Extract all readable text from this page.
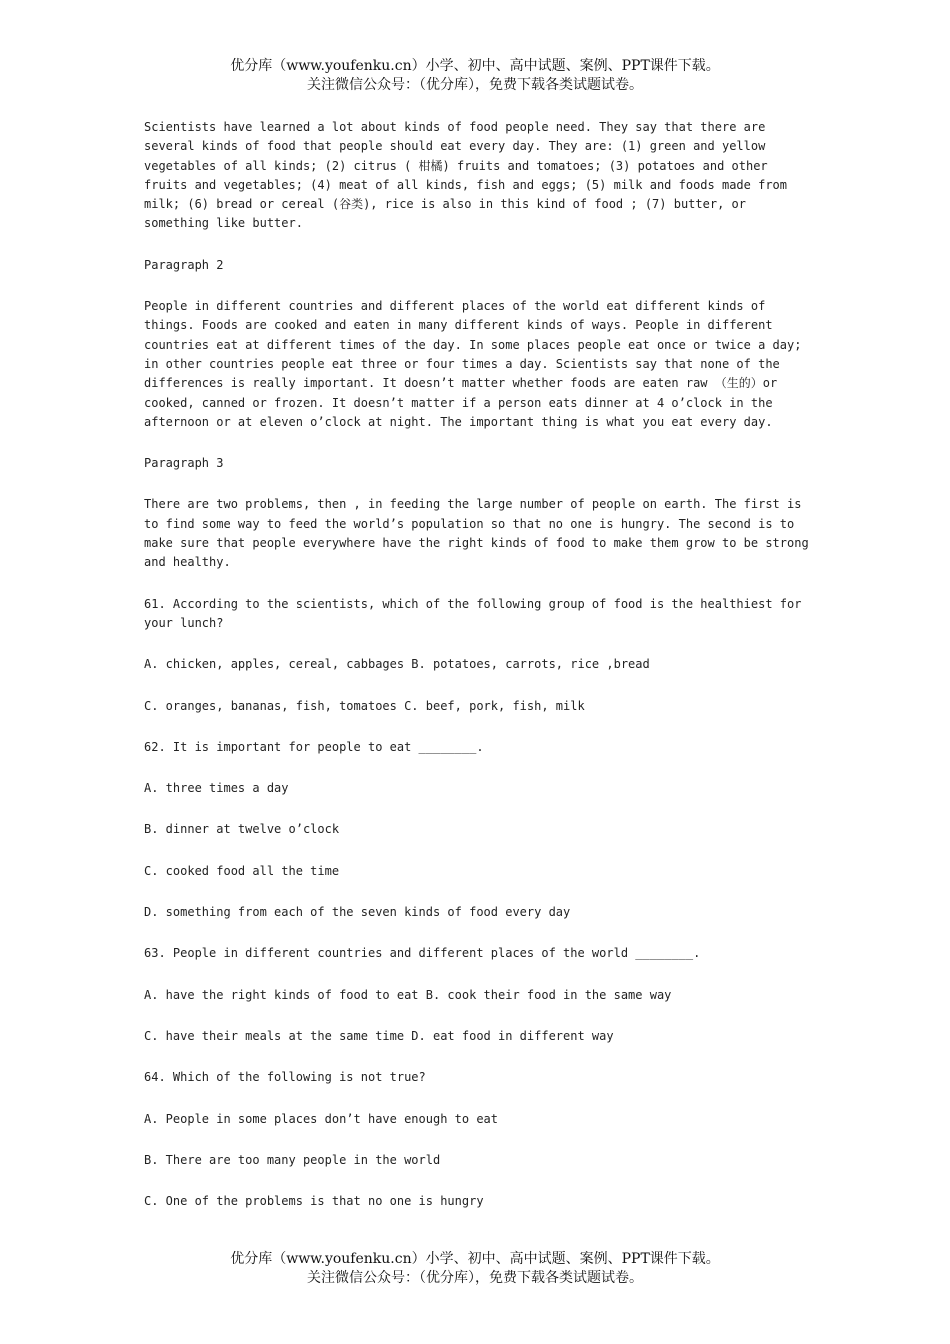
优分库（www.youfenku.cn）小学、初中、高中试题、案例、PPT课件下载。
关注微信公众号：（优分库），免费下载各类试题试卷。

Scientists have learned a lot about kinds of food people need. They say that there are
several kinds of food that people should eat every day. They are: (1) green and yellow
vegetables of all kinds; (2) citrus ( 柑橘) fruits and tomatoes; (3) potatoes and other
fruits and vegetables; (4) meat of all kinds, fish and eggs; (5) milk and foods made from
milk; (6) bread or cereal (谷类), rice is also in this kind of food ; (7) butter, or
something like butter.

Paragraph 2

People in different countries and different places of the world eat different kinds of
things. Foods are cooked and eaten in many different kinds of ways. People in different
countries eat at different times of the day. In some places people eat once or twice a day;
in other countries people eat three or four times a day. Scientists say that none of the
differences is really important. It doesn’t matter whether foods are eaten raw （生的）or
cooked, canned or frozen. It doesn’t matter if a person eats dinner at 4 o’clock in the
afternoon or at eleven o’clock at night. The important thing is what you eat every day.

Paragraph 3

There are two problems, then , in feeding the large number of people on earth. The first is
to find some way to feed the world’s population so that no one is hungry. The second is to
make sure that people everywhere have the right kinds of food to make them grow to be strong
and healthy.

61. According to the scientists, which of the following group of food is the healthiest for
your lunch?

A. chicken, apples, cereal, cabbages B. potatoes, carrots, rice ,bread

C. oranges, bananas, fish, tomatoes C. beef, pork, fish, milk

62. It is important for people to eat ________.

A. three times a day

B. dinner at twelve o’clock

C. cooked food all the time

D. something from each of the seven kinds of food every day

63. People in different countries and different places of the world ________.

A. have the right kinds of food to eat B. cook their food in the same way

C. have their meals at the same time D. eat food in different way

64. Which of the following is not true?

A. People in some places don’t have enough to eat

B. There are too many people in the world

C. One of the problems is that no one is hungry

优分库（www.youfenku.cn）小学、初中、高中试题、案例、PPT课件下载。
关注微信公众号：（优分库），免费下载各类试题试卷。
